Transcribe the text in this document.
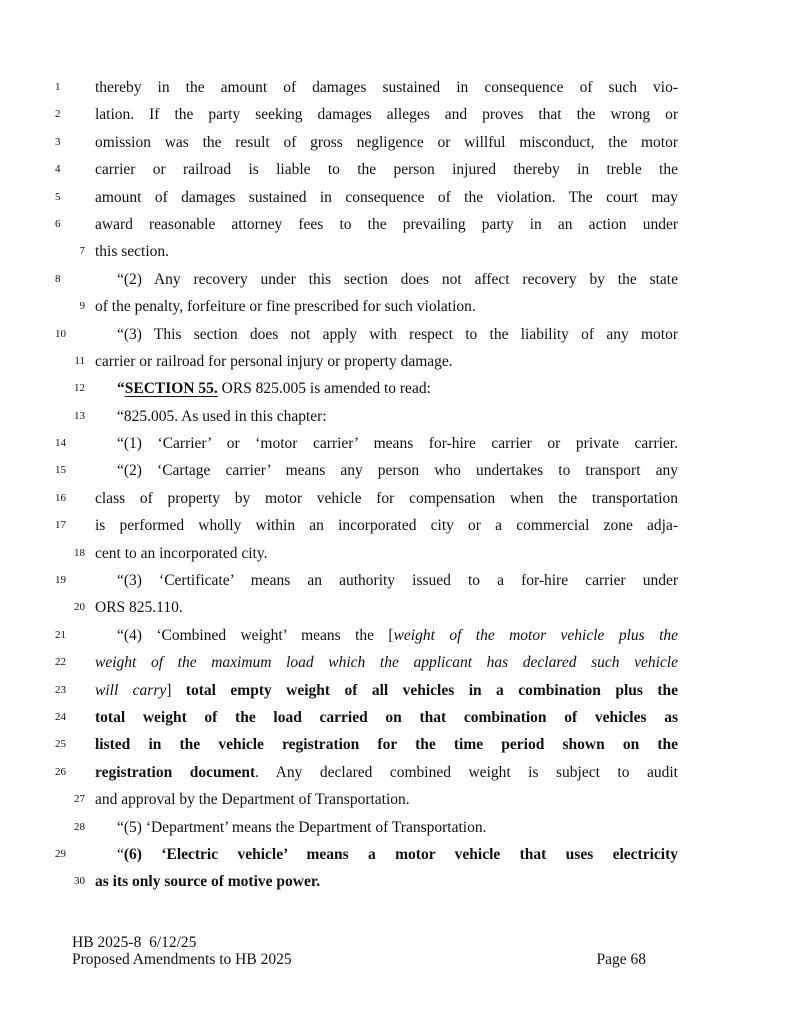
1	thereby in the amount of damages sustained in consequence of such vio-
2	lation. If the party seeking damages alleges and proves that the wrong or
3	omission was the result of gross negligence or willful misconduct, the motor
4	carrier or railroad is liable to the person injured thereby in treble the
5	amount of damages sustained in consequence of the violation. The court may
6	award reasonable attorney fees to the prevailing party in an action under
7 this section.
8	“(2) Any recovery under this section does not affect recovery by the state
9 of the penalty, forfeiture or fine prescribed for such violation.
10	“(3) This section does not apply with respect to the liability of any motor
11 carrier or railroad for personal injury or property damage.
12 “SECTION 55. ORS 825.005 is amended to read:
13 “825.005. As used in this chapter:
14	“(1) ‘Carrier’ or ‘motor carrier’ means for-hire carrier or private carrier.
15	“(2) ‘Cartage carrier’ means any person who undertakes to transport any
16	class of property by motor vehicle for compensation when the transportation
17	is performed wholly within an incorporated city or a commercial zone adja-
18 cent to an incorporated city.
19	“(3) ‘Certificate’ means an authority issued to a for-hire carrier under
20 ORS 825.110.
21	“(4) ‘Combined weight’ means the [weight of the motor vehicle plus the
22	weight of the maximum load which the applicant has declared such vehicle
23	will carry] total empty weight of all vehicles in a combination plus the
24	total weight of the load carried on that combination of vehicles as
25	listed in the vehicle registration for the time period shown on the
26	registration document. Any declared combined weight is subject to audit
27 and approval by the Department of Transportation.
28 “(5) ‘Department’ means the Department of Transportation.
29	“(6) ‘Electric vehicle’ means a motor vehicle that uses electricity
30 as its only source of motive power.
HB 2025-8  6/12/25
Proposed Amendments to HB 2025	Page 68
